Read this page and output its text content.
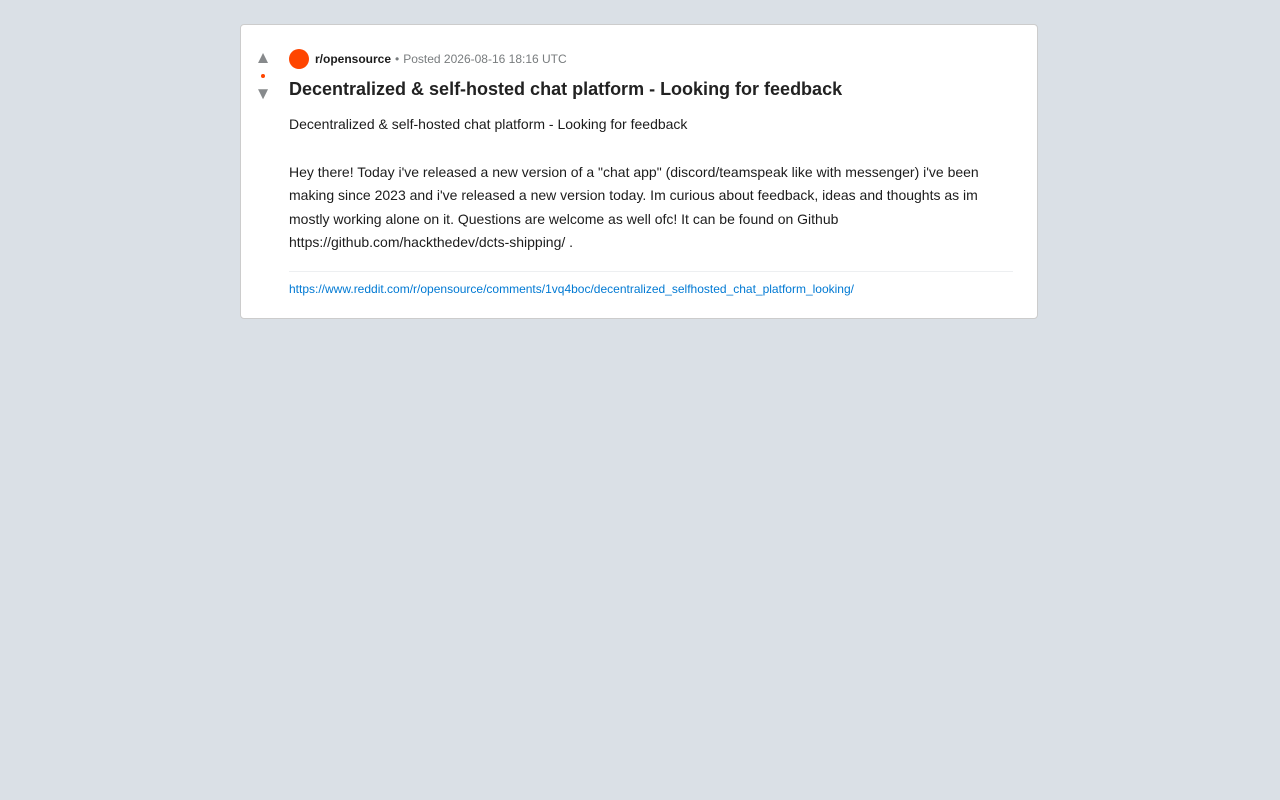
▲
▼
r/opensource • Posted 2026-08-16 18:16 UTC
Decentralized & self-hosted chat platform - Looking for feedback

Decentralized & self-hosted chat platform - Looking for feedback

Hey there! Today i've released a new version of a "chat app" (discord/teamspeak like with messenger) i've been making since 2023 and i've released a new version today. Im curious about feedback, ideas and thoughts as im mostly working alone on it. Questions are welcome as well ofc! It can be found on Github https://github.com/hackthedev/dcts-shipping/ .

https://www.reddit.com/r/opensource/comments/1vq4boc/decentralized_selfhosted_chat_platform_looking/
